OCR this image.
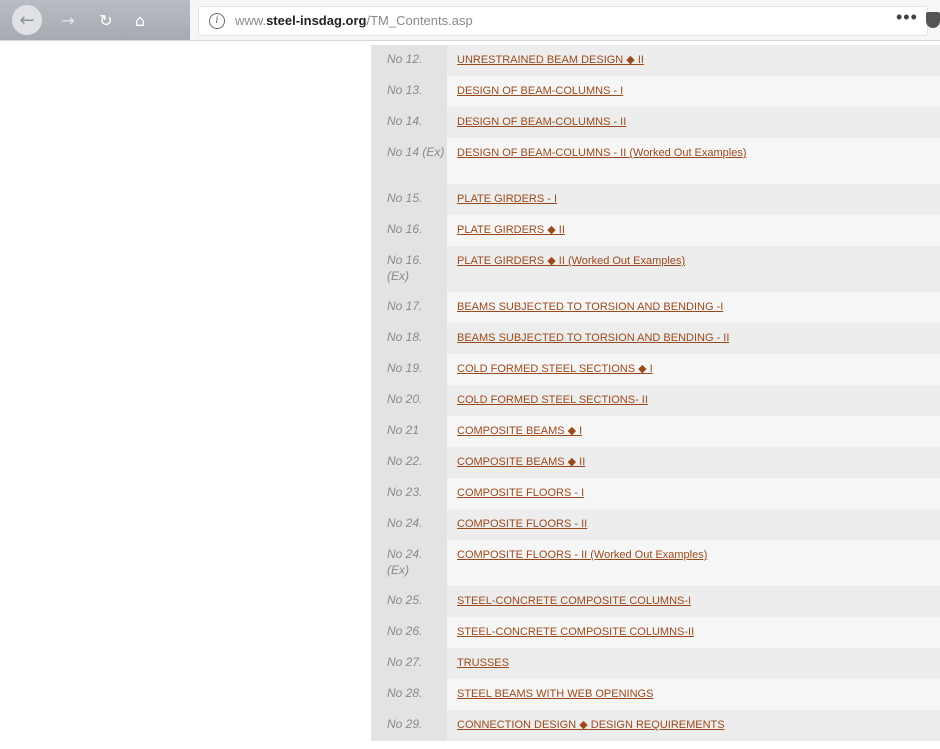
←	→	↻	⌂	i	www.steel-insdag.org/TM_Contents.asp	•••
No 12.	UNRESTRAINED BEAM DESIGN ◆ II
No 13.	DESIGN OF BEAM-COLUMNS - I
No 14.	DESIGN OF BEAM-COLUMNS - II
No 14 (Ex)	DESIGN OF BEAM-COLUMNS - II (Worked Out Examples)
No 15.	PLATE GIRDERS - I
No 16.	PLATE GIRDERS ◆ II
No 16. (Ex)	PLATE GIRDERS ◆ II (Worked Out Examples)
No 17.	BEAMS SUBJECTED TO TORSION AND BENDING -I
No 18.	BEAMS SUBJECTED TO TORSION AND BENDING - II
No 19.	COLD FORMED STEEL SECTIONS ◆ I
No 20.	COLD FORMED STEEL SECTIONS- II
No 21	COMPOSITE BEAMS ◆ I
No 22.	COMPOSITE BEAMS ◆ II
No 23.	COMPOSITE FLOORS - I
No 24.	COMPOSITE FLOORS - II
No 24. (Ex)	COMPOSITE FLOORS - II (Worked Out Examples)
No 25.	STEEL-CONCRETE COMPOSITE COLUMNS-I
No 26.	STEEL-CONCRETE COMPOSITE COLUMNS-II
No 27.	TRUSSES
No 28.	STEEL BEAMS WITH WEB OPENINGS
No 29.	CONNECTION DESIGN ◆ DESIGN REQUIREMENTS
